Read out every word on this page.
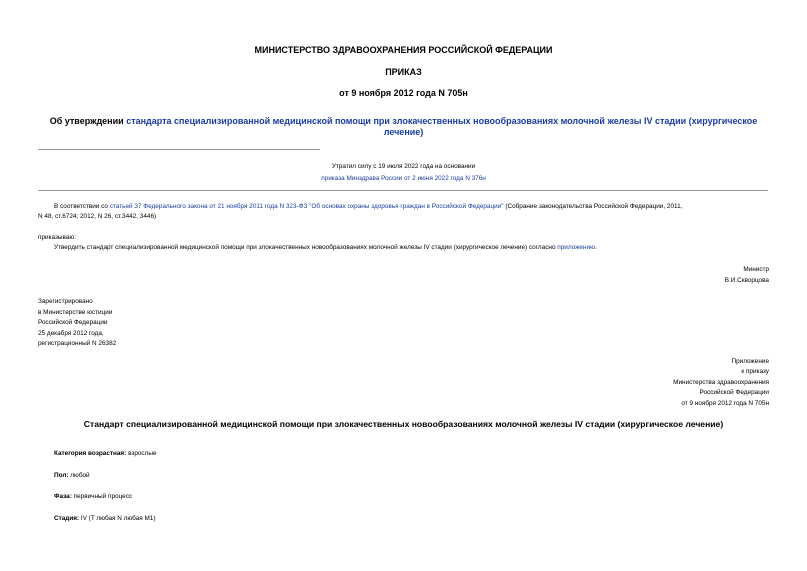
МИНИСТЕРСТВО ЗДРАВООХРАНЕНИЯ РОССИЙСКОЙ ФЕДЕРАЦИИ
ПРИКАЗ
от 9 ноября 2012 года N 705н
Об утверждении стандарта специализированной медицинской помощи при злокачественных новообразованиях молочной железы IV стадии (хирургическое
лечение)
Утратил силу с 19 июля 2022 года на основании
приказа Минздрава России от 2 июня 2022 года N 376н
В соответствии со статьей 37 Федерального закона от 21 ноября 2011 года N 323-ФЗ "Об основах охраны здоровья граждан в Российской Федерации" (Собрание законодательства Российской Федерации, 2011,
N 48, ст.6724; 2012, N 26, ст.3442, 3446)
приказываю:
Утвердить стандарт специализированной медицинской помощи при злокачественных новообразованиях молочной железы IV стадии (хирургическое лечение) согласно приложению.
Министр
В.И.Скворцова
Зарегистрировано
в Министерстве юстиции
Российской Федерации
25 декабря 2012 года,
регистрационный N 26382
Приложение
к приказу
Министерства здравоохранения
Российской Федерации
от 9 ноября 2012 года N 705н
Стандарт специализированной медицинской помощи при злокачественных новообразованиях молочной железы IV стадии (хирургическое лечение)
Категория возрастная: взрослые
Пол: любой
Фаза: первичный процесс
Стадия: IV (T любая N любая M1)
